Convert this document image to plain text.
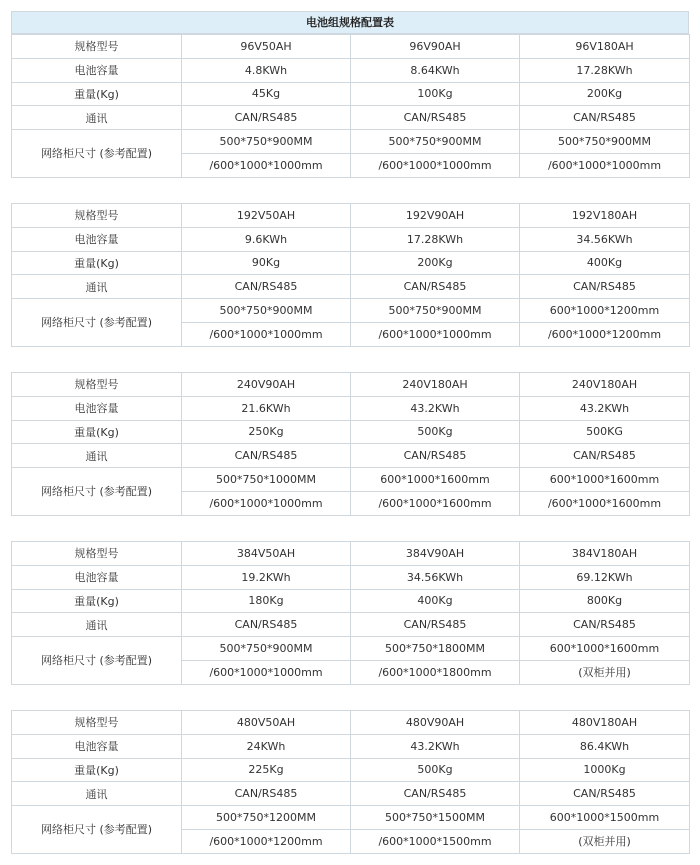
电池组规格配置表
规格型号	96V50AH	96V90AH	96V180AH
电池容量	4.8KWh	8.64KWh	17.28KWh
重量(Kg)	45Kg	100Kg	200Kg
通讯	CAN/RS485	CAN/RS485	CAN/RS485
网络柜尺寸 (参考配置)	500*750*900MM	500*750*900MM	500*750*900MM
	/600*1000*1000mm	/600*1000*1000mm	/600*1000*1000mm
规格型号	192V50AH	192V90AH	192V180AH
电池容量	9.6KWh	17.28KWh	34.56KWh
重量(Kg)	90Kg	200Kg	400Kg
通讯	CAN/RS485	CAN/RS485	CAN/RS485
网络柜尺寸 (参考配置)	500*750*900MM	500*750*900MM	600*1000*1200mm
	/600*1000*1000mm	/600*1000*1000mm	/600*1000*1200mm
规格型号	240V90AH	240V180AH	240V180AH
电池容量	21.6KWh	43.2KWh	43.2KWh
重量(Kg)	250Kg	500Kg	500KG
通讯	CAN/RS485	CAN/RS485	CAN/RS485
网络柜尺寸 (参考配置)	500*750*1000MM	600*1000*1600mm	600*1000*1600mm
	/600*1000*1000mm	/600*1000*1600mm	/600*1000*1600mm
规格型号	384V50AH	384V90AH	384V180AH
电池容量	19.2KWh	34.56KWh	69.12KWh
重量(Kg)	180Kg	400Kg	800Kg
通讯	CAN/RS485	CAN/RS485	CAN/RS485
网络柜尺寸 (参考配置)	500*750*900MM	500*750*1800MM	600*1000*1600mm
	/600*1000*1000mm	/600*1000*1800mm	(双柜并用)
规格型号	480V50AH	480V90AH	480V180AH
电池容量	24KWh	43.2KWh	86.4KWh
重量(Kg)	225Kg	500Kg	1000Kg
通讯	CAN/RS485	CAN/RS485	CAN/RS485
网络柜尺寸 (参考配置)	500*750*1200MM	500*750*1500MM	600*1000*1500mm
	/600*1000*1200mm	/600*1000*1500mm	(双柜并用)
